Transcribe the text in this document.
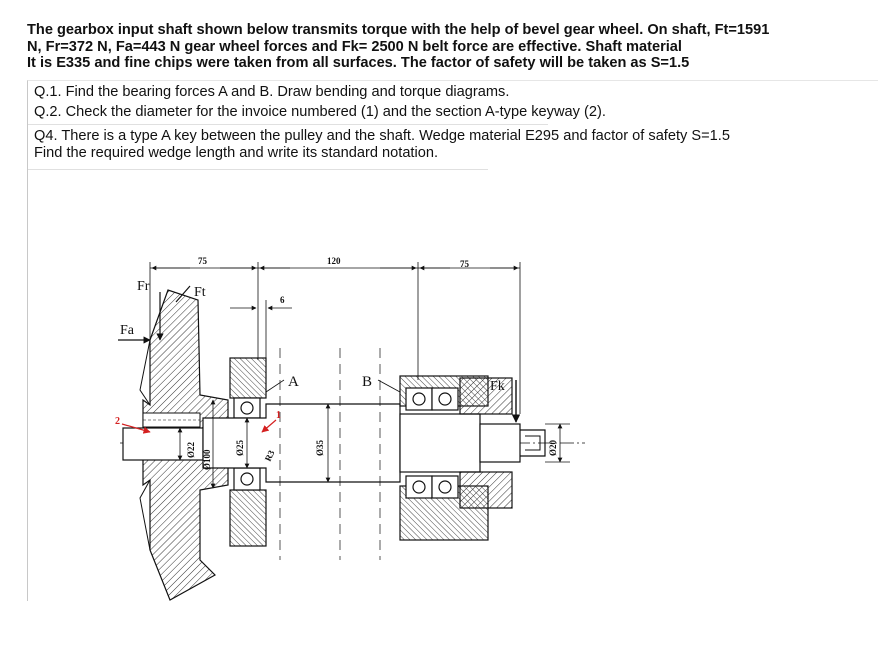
The gearbox input shaft shown below transmits torque with the help of bevel gear wheel. On shaft, Ft=1591
N, Fr=372 N, Fa=443 N gear wheel forces and Fk= 2500 N belt force are effective. Shaft material
It is E335 and fine chips were taken from all surfaces. The factor of safety will be taken as S=1.5
Q.1. Find the bearing forces A and B. Draw bending and torque diagrams.
Q.2. Check the diameter for the invoice numbered (1) and the section A-type keyway (2).
Q4. There is a type A key between the pulley and the shaft. Wedge material E295 and factor of safety S=1.5
Find the required wedge length and write its standard notation.
75	120	75
6
Fr	Ft
Fa
Fk
A	B
1
2
Ø22 Ø100
Ø25 R3	Ø35	Ø20
